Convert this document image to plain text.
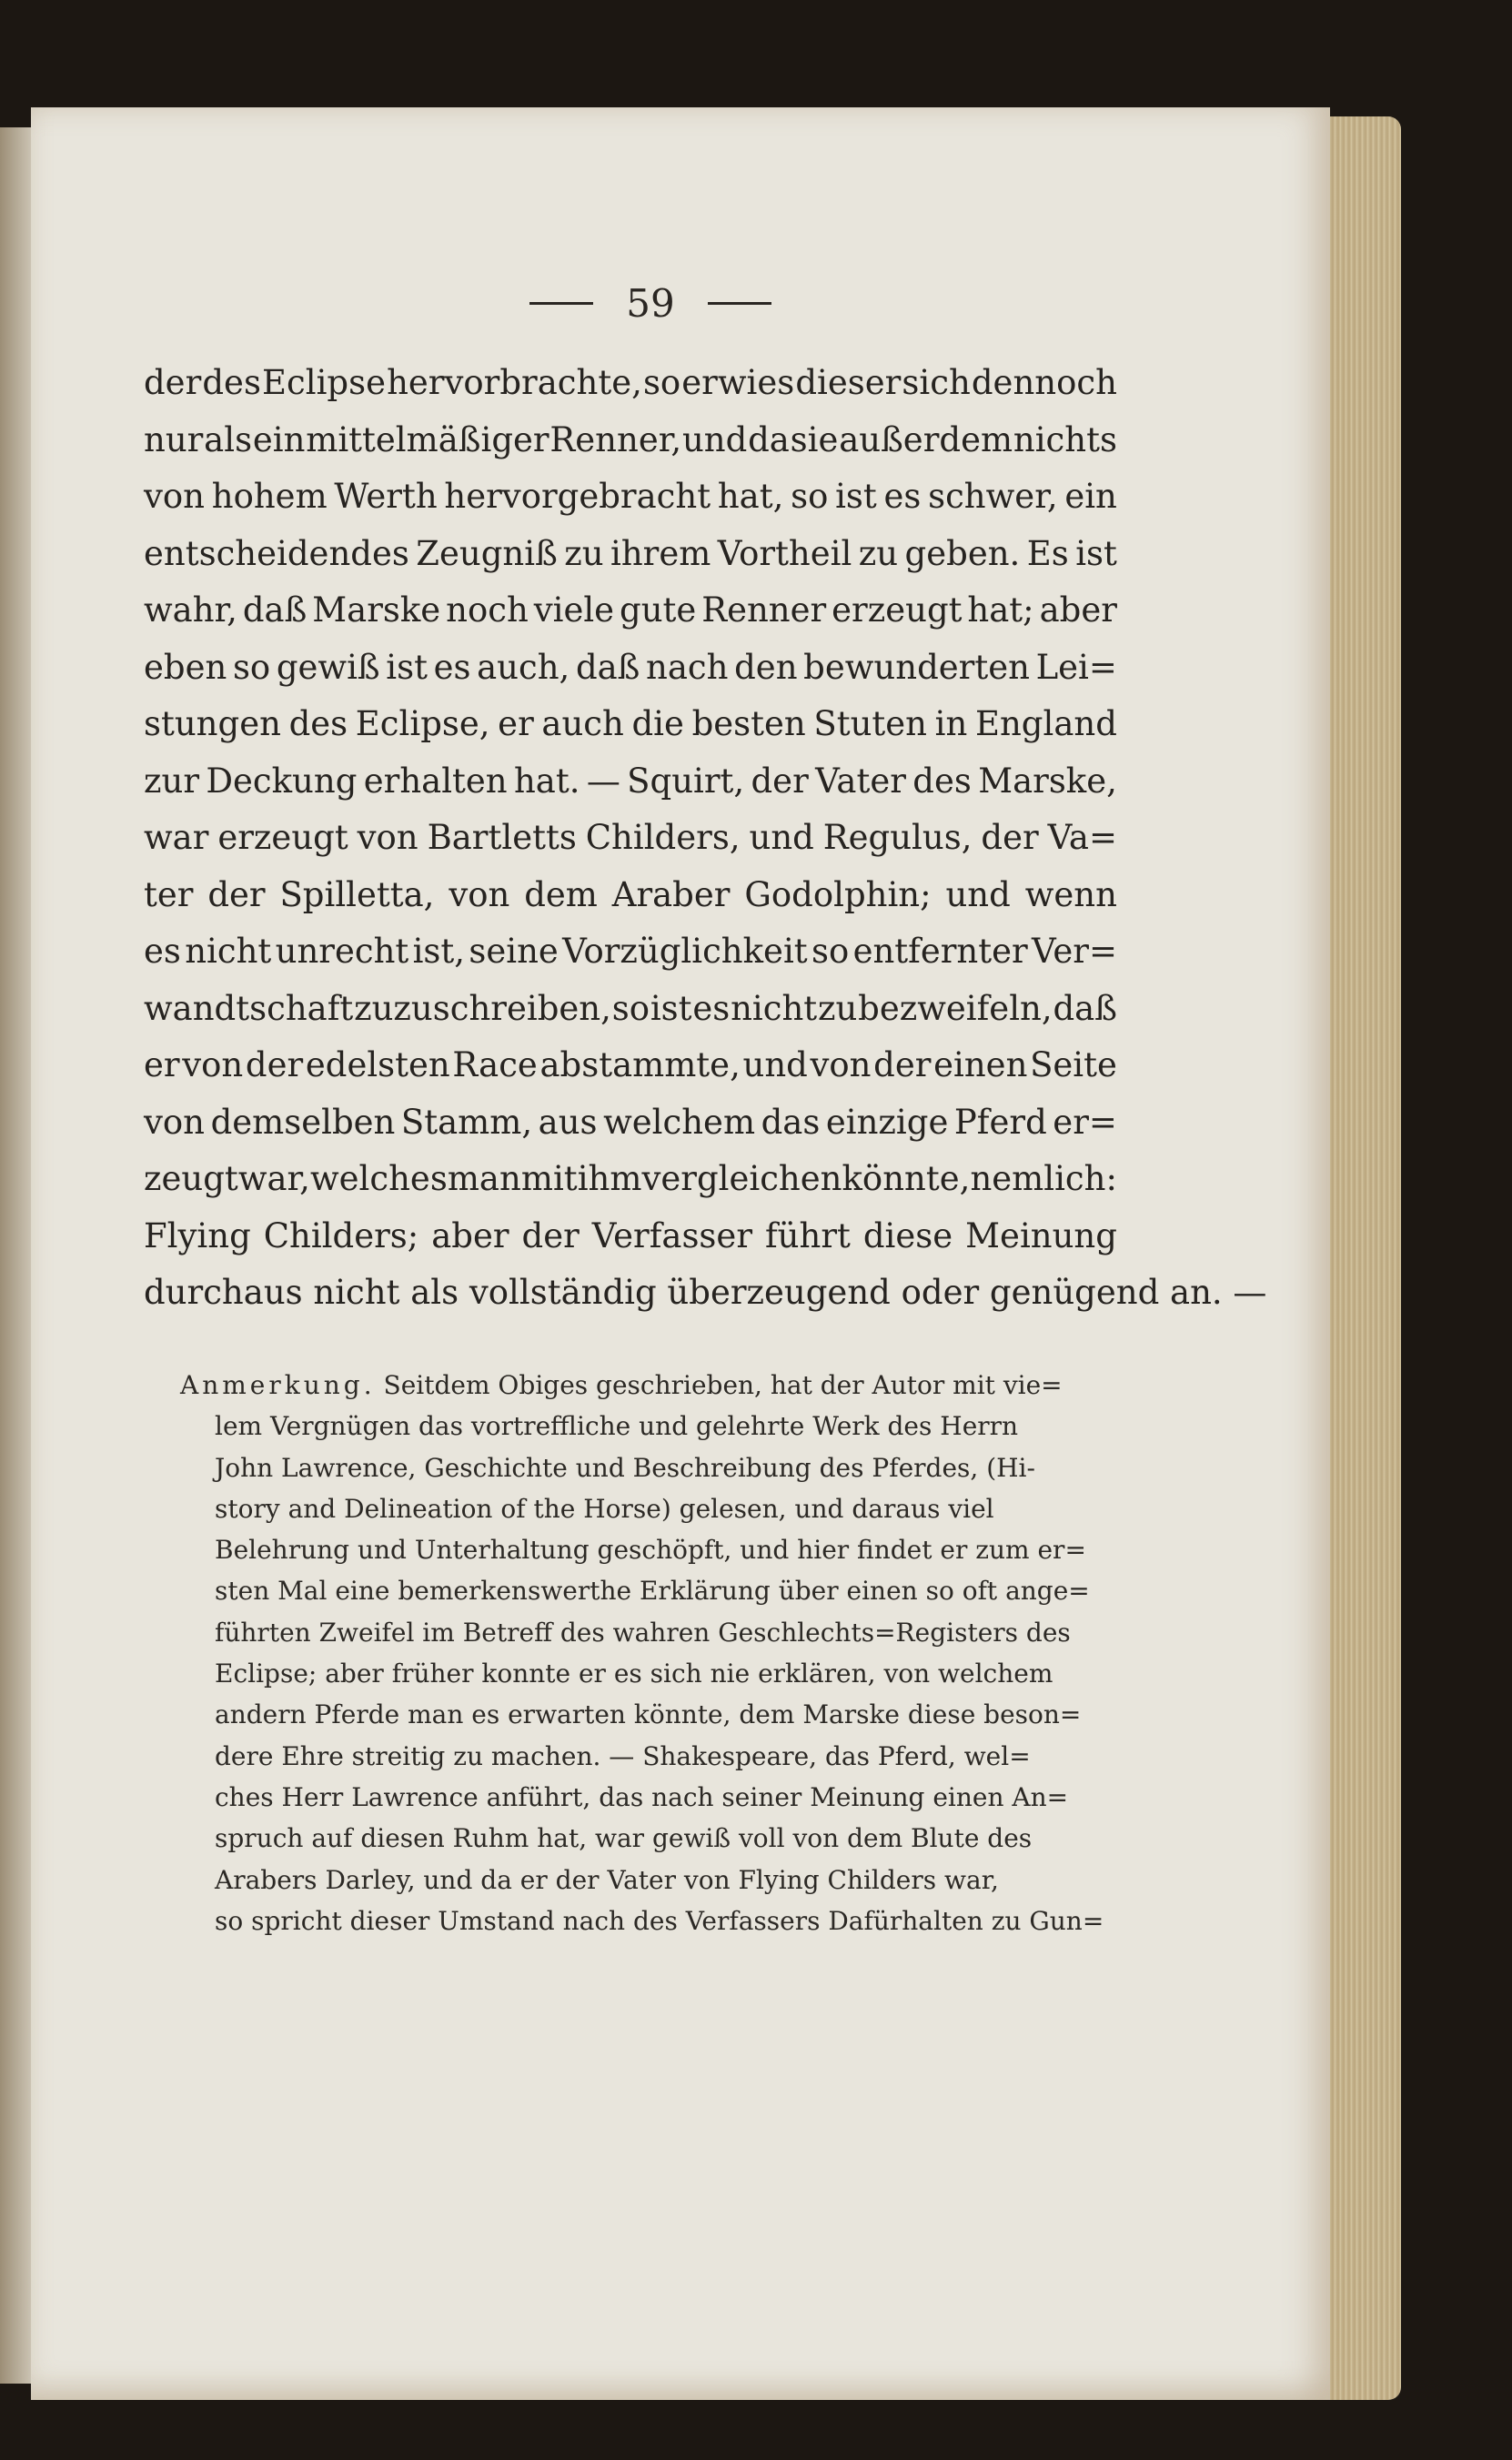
59
der des Eclipse hervorbrachte, so erwies dieser sich dennoch
nur als ein mittelmäßiger Renner, und da sie außerdem nichts
von hohem Werth hervorgebracht hat, so ist es schwer, ein
entscheidendes Zeugniß zu ihrem Vortheil zu geben. Es ist
wahr, daß Marske noch viele gute Renner erzeugt hat; aber
eben so gewiß ist es auch, daß nach den bewunderten Lei=
stungen des Eclipse, er auch die besten Stuten in England
zur Deckung erhalten hat. — Squirt, der Vater des Marske,
war erzeugt von Bartletts Childers, und Regulus, der Va=
ter der Spilletta, von dem Araber Godolphin; und wenn
es nicht unrecht ist, seine Vorzüglichkeit so entfernter Ver=
wandtschaft zuzuschreiben, so ist es nicht zu bezweifeln, daß
er von der edelsten Race abstammte, und von der einen Seite
von demselben Stamm, aus welchem das einzige Pferd er=
zeugt war, welches man mit ihm vergleichen könnte, nemlich:
Flying Childers; aber der Verfasser führt diese Meinung
durchaus nicht als vollständig überzeugend oder genügend an. —
Anmerkung. Seitdem Obiges geschrieben, hat der Autor mit vie=
lem Vergnügen das vortreffliche und gelehrte Werk des Herrn
John Lawrence, Geschichte und Beschreibung des Pferdes, (Hi-
story and Delineation of the Horse) gelesen, und daraus viel
Belehrung und Unterhaltung geschöpft, und hier findet er zum er=
sten Mal eine bemerkenswerthe Erklärung über einen so oft ange=
führten Zweifel im Betreff des wahren Geschlechts=Registers des
Eclipse; aber früher konnte er es sich nie erklären, von welchem
andern Pferde man es erwarten könnte, dem Marske diese beson=
dere Ehre streitig zu machen. — Shakespeare, das Pferd, wel=
ches Herr Lawrence anführt, das nach seiner Meinung einen An=
spruch auf diesen Ruhm hat, war gewiß voll von dem Blute des
Arabers Darley, und da er der Vater von Flying Childers war,
so spricht dieser Umstand nach des Verfassers Dafürhalten zu Gun=
